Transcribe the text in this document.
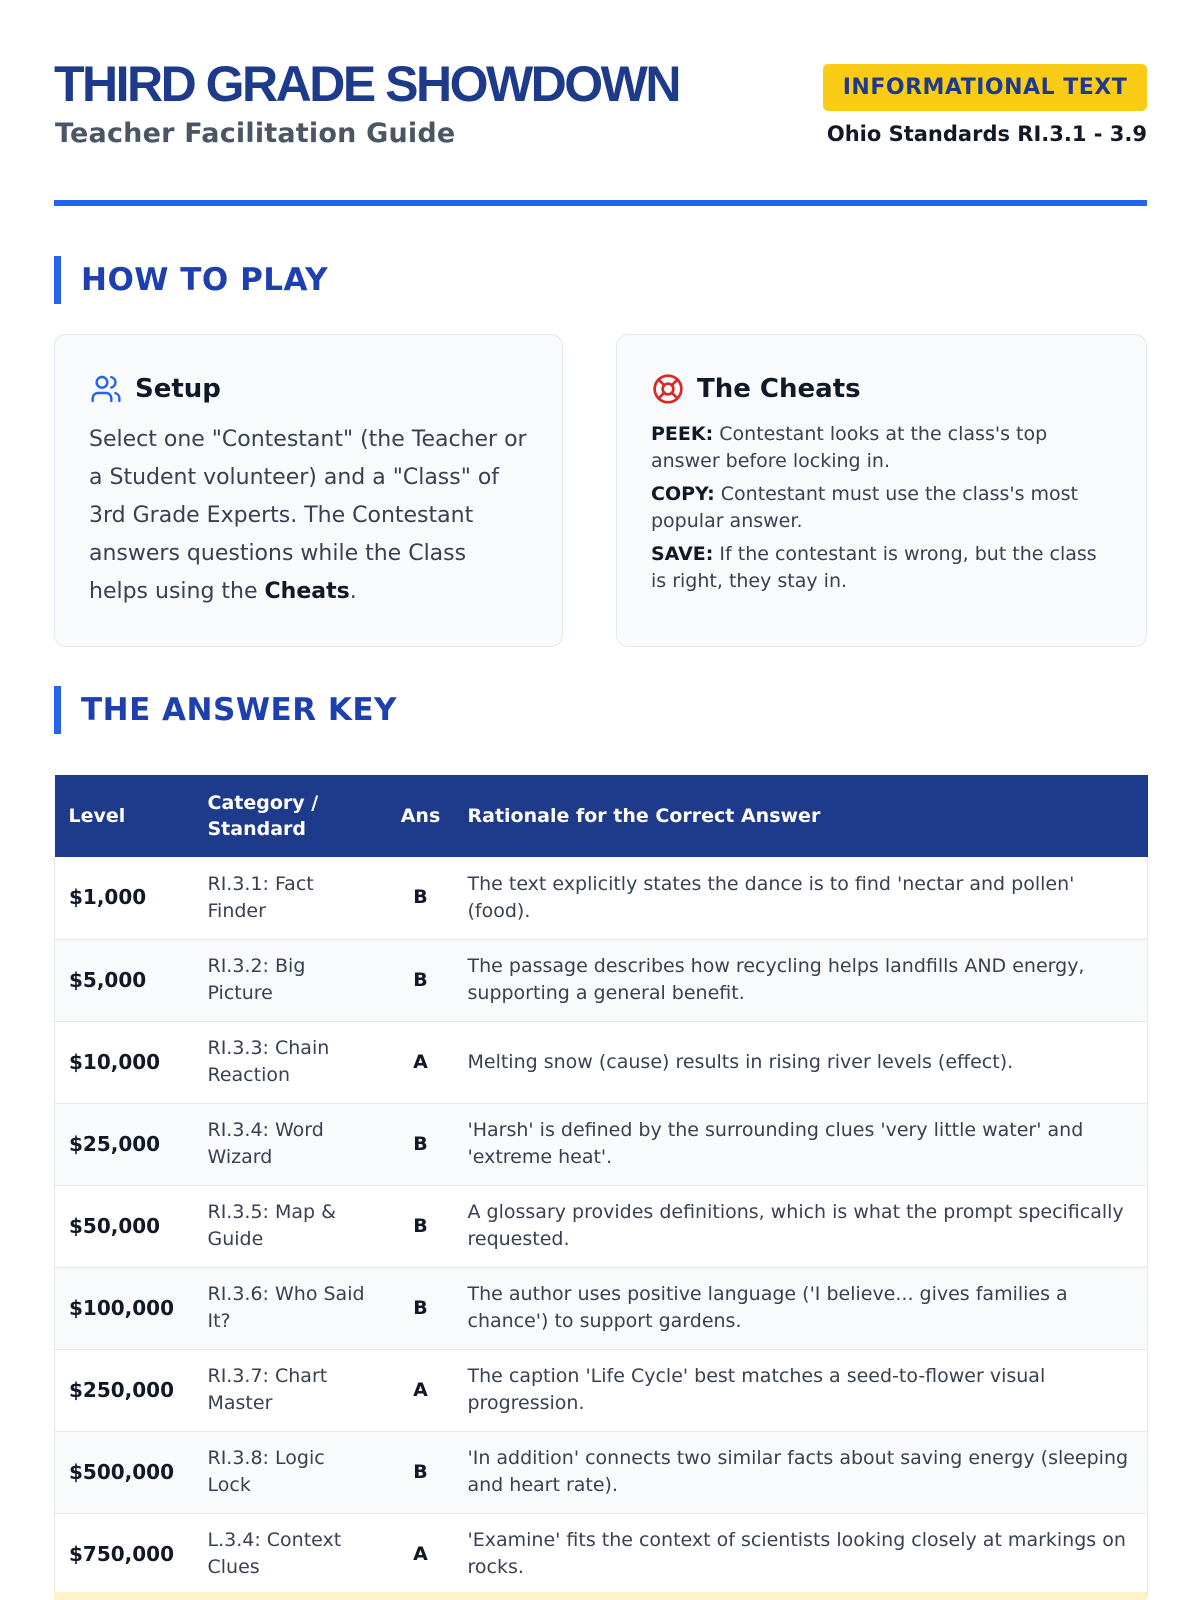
THIRD GRADE SHOWDOWN
Teacher Facilitation Guide
INFORMATIONAL TEXT
Ohio Standards RI.3.1 - 3.9
HOW TO PLAY
Setup

Select one "Contestant" (the Teacher or a Student volunteer) and a "Class" of 3rd Grade Experts. The Contestant answers questions while the Class helps using the Cheats.

The Cheats

PEEK: Contestant looks at the class's top answer before locking in.

COPY: Contestant must use the class's most popular answer.

SAVE: If the contestant is wrong, but the class is right, they stay in.

THE ANSWER KEY
Level	Category / Standard	Ans	Rationale for the Correct Answer
$1,000	RI.3.1: Fact Finder	B	The text explicitly states the dance is to find 'nectar and pollen' (food).
$5,000	RI.3.2: Big Picture	B	The passage describes how recycling helps landfills AND energy, supporting a general benefit.
$10,000	RI.3.3: Chain Reaction	A	Melting snow (cause) results in rising river levels (effect).
$25,000	RI.3.4: Word Wizard	B	'Harsh' is defined by the surrounding clues 'very little water' and 'extreme heat'.
$50,000	RI.3.5: Map & Guide	B	A glossary provides definitions, which is what the prompt specifically requested.
$100,000	RI.3.6: Who Said It?	B	The author uses positive language ('I believe... gives families a chance') to support gardens.
$250,000	RI.3.7: Chart Master	A	The caption 'Life Cycle' best matches a seed-to-flower visual progression.
$500,000	RI.3.8: Logic Lock	B	'In addition' connects two similar facts about saving energy (sleeping and heart rate).
$750,000	L.3.4: Context Clues	A	'Examine' fits the context of scientists looking closely at markings on rocks.
